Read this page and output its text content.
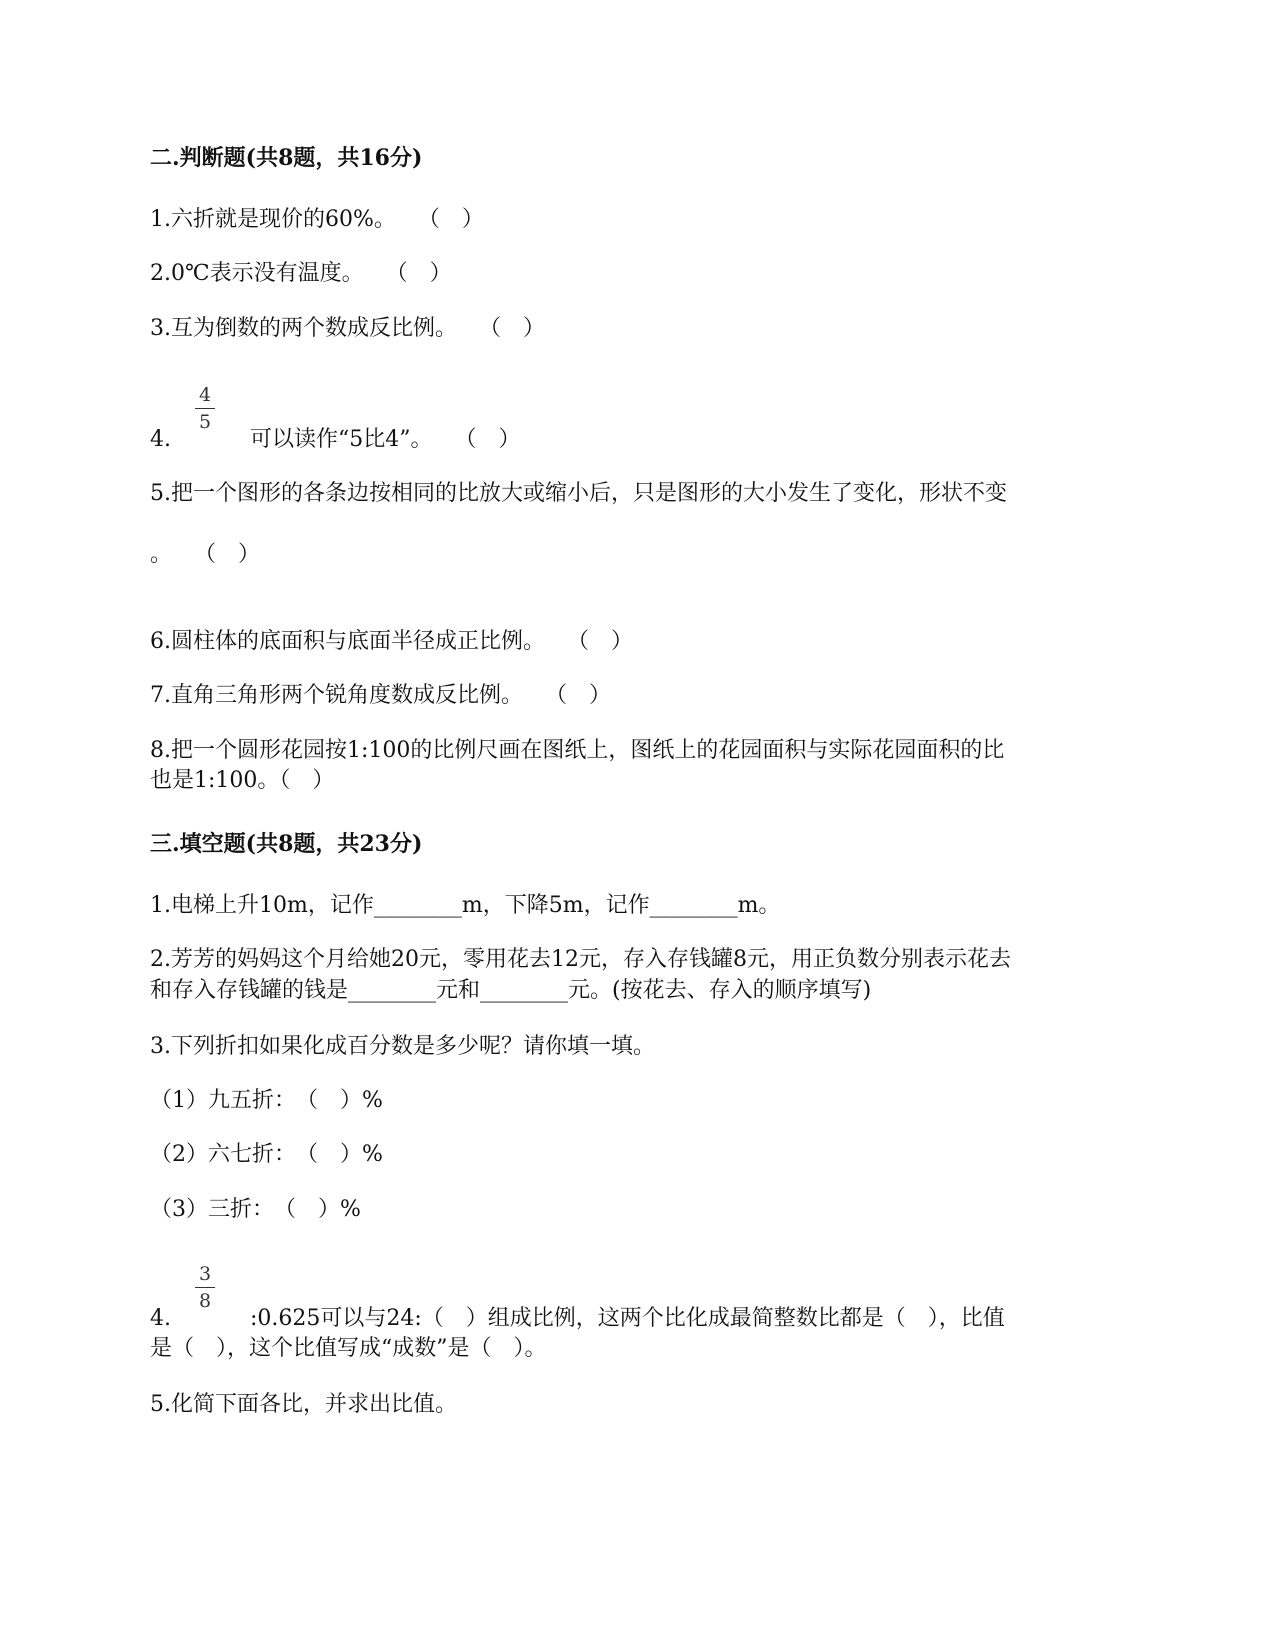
二.判断题(共8题，共16分)
1.六折就是现价的60%。　　（　）
2.0℃表示没有温度。　　（　）
3.互为倒数的两个数成反比例。　　（　）
4
5
4.	可以读作“5比4”。　　（　）
5.把一个图形的各条边按相同的比放大或缩小后，只是图形的大小发生了变化，形状不变
。　　（　）
6.圆柱体的底面积与底面半径成正比例。　　（　）
7.直角三角形两个锐角度数成反比例。　　（　）
8.把一个圆形花园按1:100的比例尺画在图纸上，图纸上的花园面积与实际花园面积的比
也是1:100。（　）
三.填空题(共8题，共23分)
1.电梯上升10m，记作________m，下降5m，记作________m。
2.芳芳的妈妈这个月给她20元，零用花去12元，存入存钱罐8元，用正负数分别表示花去
和存入存钱罐的钱是________元和________元。(按花去、存入的顺序填写)
3.下列折扣如果化成百分数是多少呢？请你填一填。
（1）九五折：　（　）%
（2）六七折：　（　）%
（3）三折：　（　）%
3
8
4.	:0.625可以与24:（　）组成比例，这两个比化成最简整数比都是（　），比值
是（　），这个比值写成“成数”是（　）。
5.化简下面各比，并求出比值。
